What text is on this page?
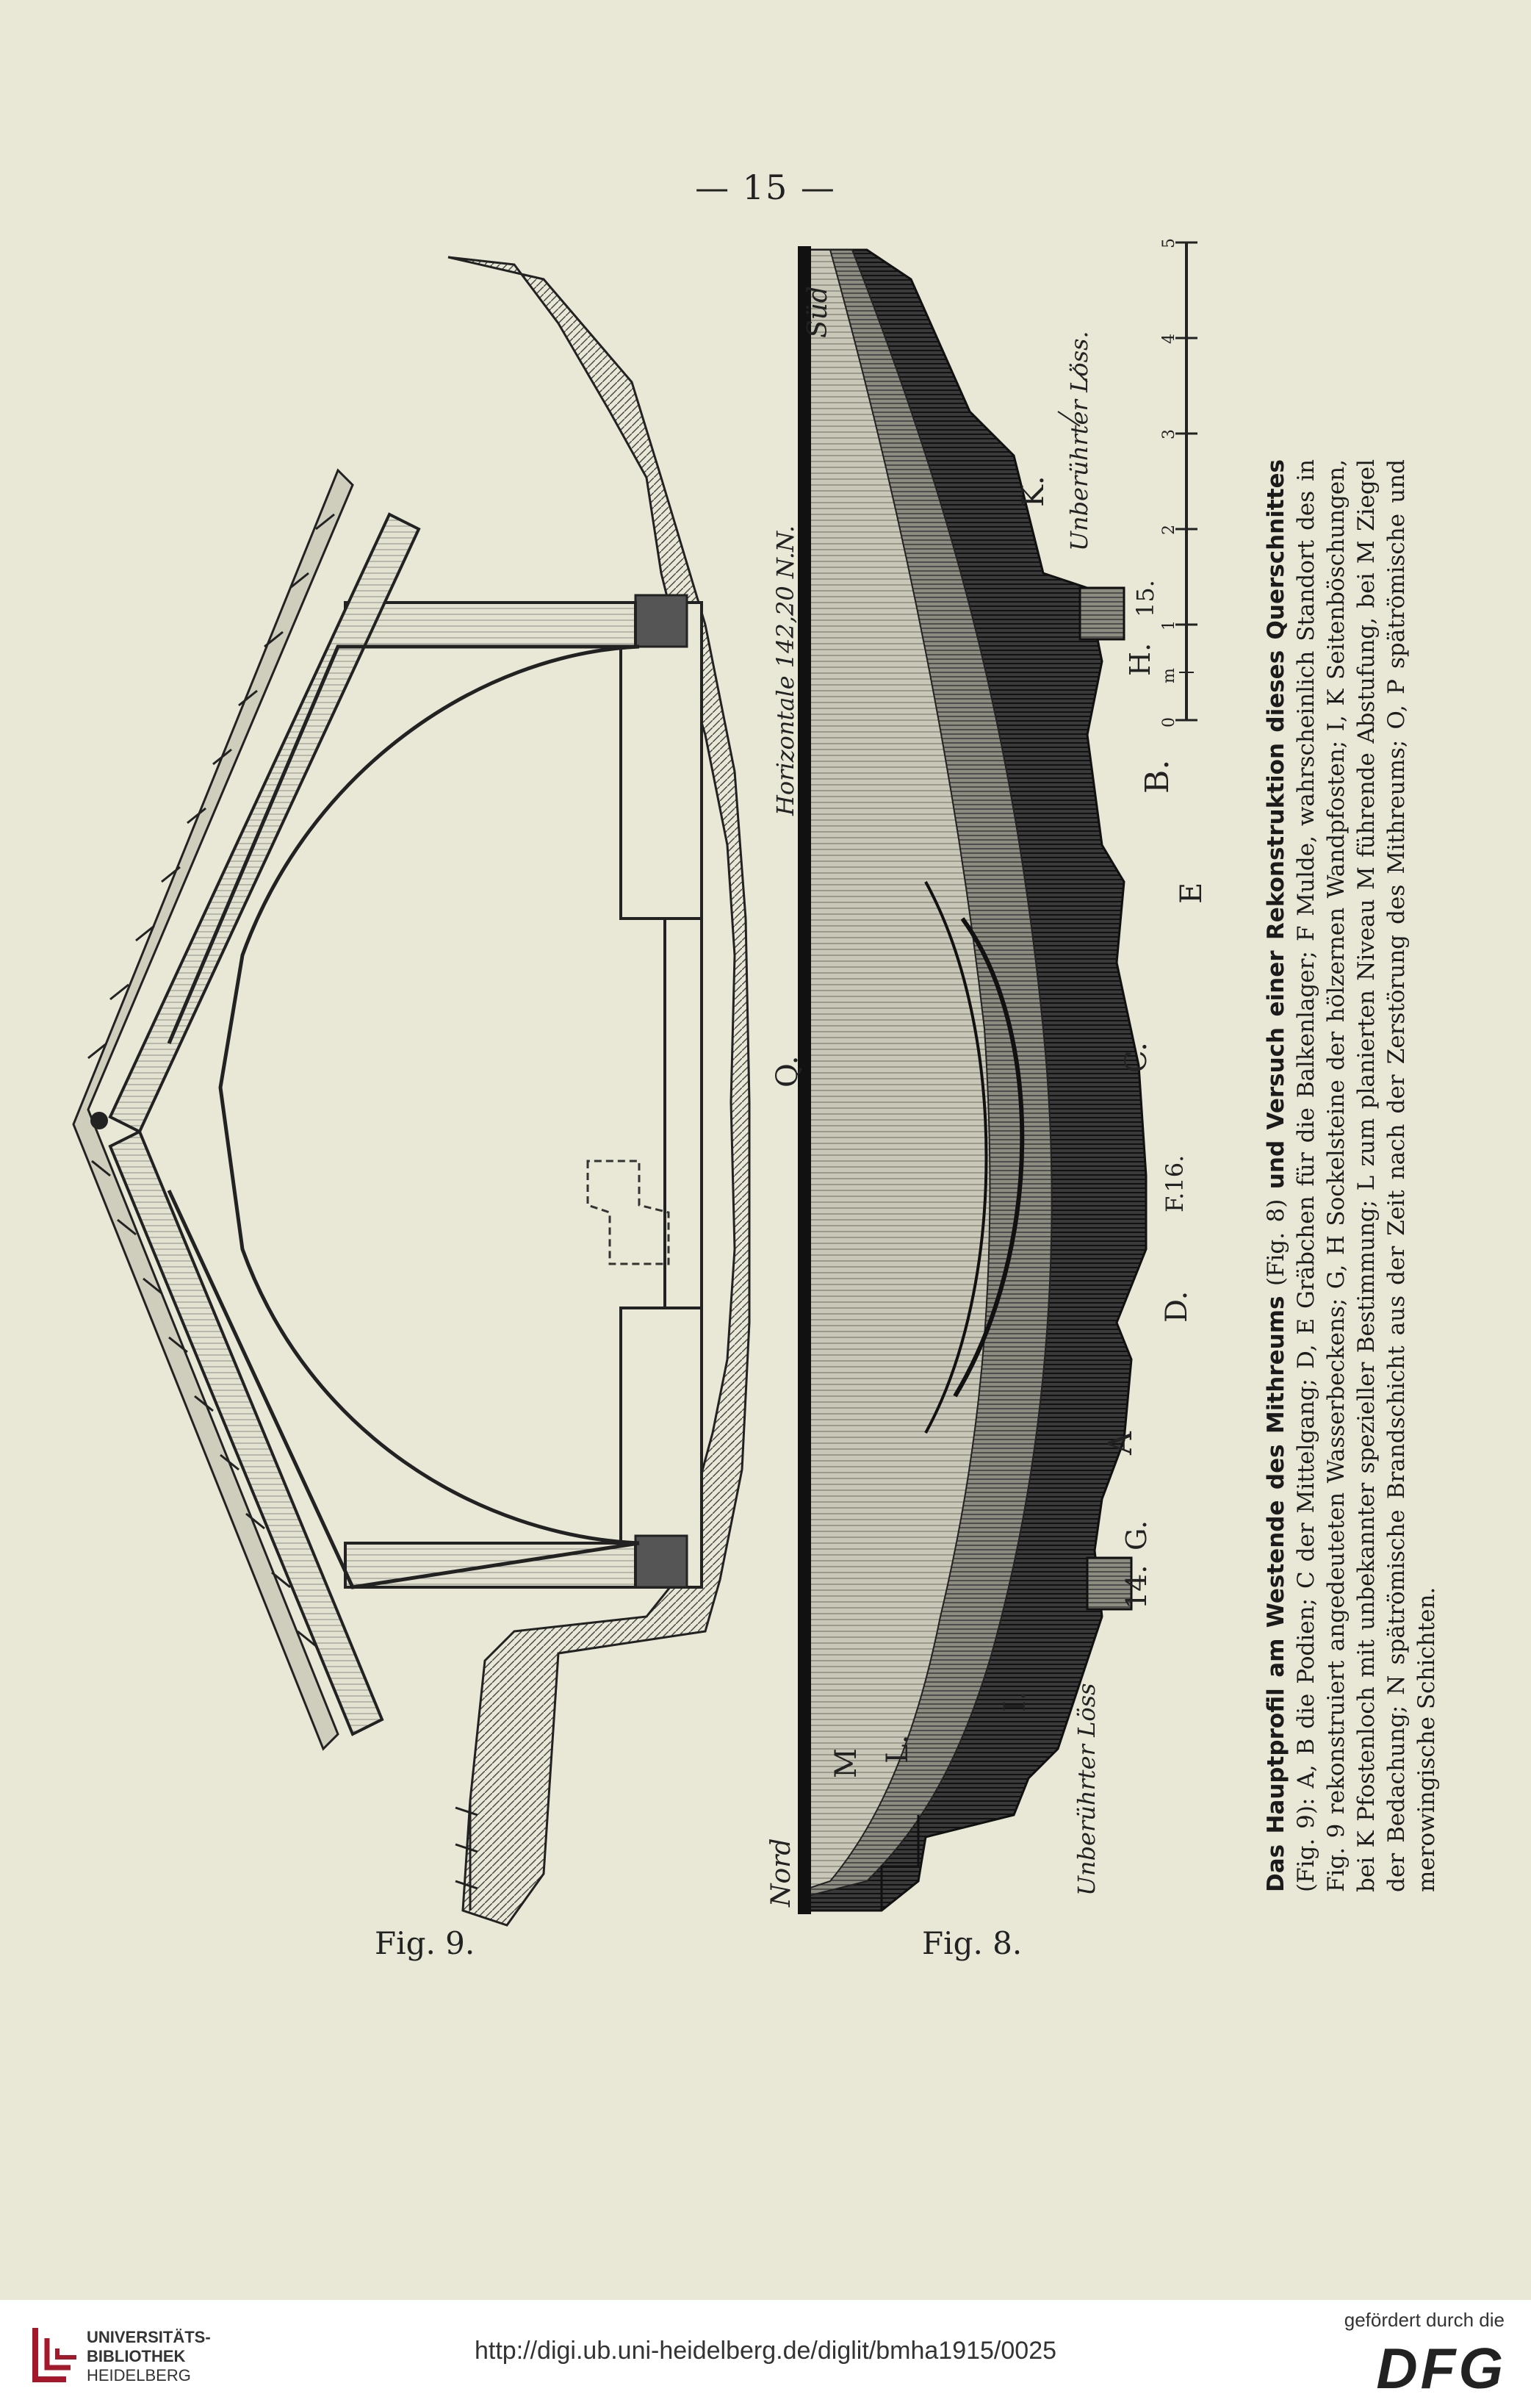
— 15 —
Nord
Süd
Horizontale 142,20 N.N.
Unberührter Löss
Unberührter Löss.
Q.
M L.
I.
G.
14.
A
D.
F.16.
C.
E
B.
H.
15.
K.
0
m
1
2
3
4
5

Das Hauptprofil am Westende des Mithreums (Fig. 8) und Versuch einer Rekonstruktion dieses Querschnittes (Fig. 9): A, B die Podien; C der Mittelgang; D, E Gräbchen für die Balkenlager; F Mulde, wahrscheinlich Standort des in Fig. 9 rekonstruiert angedeuteten Wasserbeckens; G, H Sockelsteine der hölzernen Wandpfosten; I, K Seitenböschungen, bei K Pfostenloch mit unbekannter spezieller Bestimmung; L zum planierten Niveau M führende Abstufung, bei M Ziegel der Bedachung; N spätrömische Brandschicht aus der Zeit nach der Zerstörung des Mithreums; O, P spätrömische und merowingische Schichten.

Fig. 9.	Fig. 8.
UNIVERSITÄTS-
BIBLIOTHEK
HEIDELBERG
http://digi.ub.uni-heidelberg.de/diglit/bmha1915/0025
gefördert durch die
DFG
